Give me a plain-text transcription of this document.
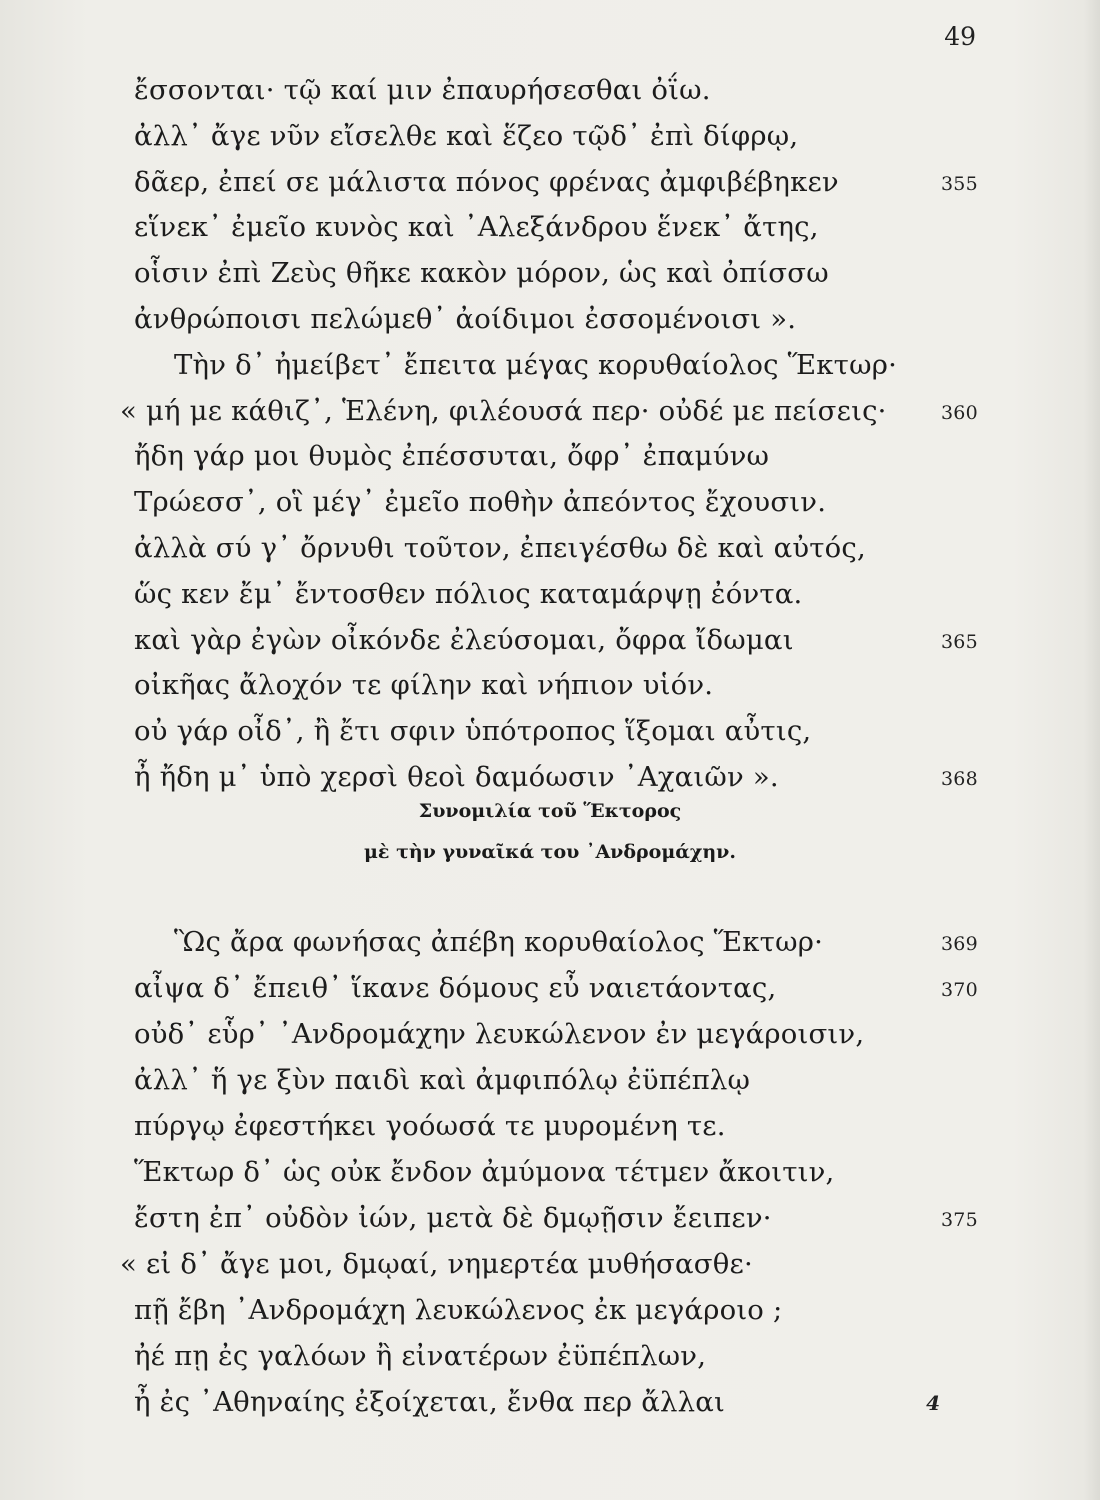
49
ἔσσονται· τῷ καί μιν ἐπαυρήσεσθαι ὀΐω.
ἀλλ᾽ ἄγε νῦν εἴσελθε καὶ ἕζεο τῷδ᾽ ἐπὶ δίφρῳ,
δᾶερ, ἐπεί σε μάλιστα πόνος φρένας ἀμφιβέβηκεν	355
εἵνεκ᾽ ἐμεῖο κυνὸς καὶ ᾿Αλεξάνδρου ἕνεκ᾽ ἄτης,
οἷσιν ἐπὶ Ζεὺς θῆκε κακὸν μόρον, ὡς καὶ ὀπίσσω
ἀνθρώποισι πελώμεθ᾽ ἀοίδιμοι ἐσσομένοισι ».
Τὴν δ᾽ ἠμείβετ᾽ ἔπειτα μέγας κορυθαίολος Ἕκτωρ·
« μή με κάθιζ᾽, Ἑλένη, φιλέουσά περ· οὐδέ με πείσεις·	360
ἤδη γάρ μοι θυμὸς ἐπέσσυται, ὄφρ᾽ ἐπαμύνω
Τρώεσσ᾽, οἳ μέγ᾽ ἐμεῖο ποθὴν ἀπεόντος ἔχουσιν.
ἀλλὰ σύ γ᾽ ὄρνυθι τοῦτον, ἐπειγέσθω δὲ καὶ αὐτός,
ὥς κεν ἔμ᾽ ἔντοσθεν πόλιος καταμάρψῃ ἐόντα.
καὶ γὰρ ἐγὼν οἶκόνδε ἐλεύσομαι, ὄφρα ἴδωμαι	365
οἰκῆας ἄλοχόν τε φίλην καὶ νήπιον υἱόν.
οὐ γάρ οἶδ᾽, ἢ ἔτι σφιν ὑπότροπος ἵξομαι αὖτις,
ἦ ἤδη μ᾽ ὑπὸ χερσὶ θεοὶ δαμόωσιν ᾿Αχαιῶν ».	368
Συνομιλία τοῦ Ἕκτορος
μὲ τὴν γυναῖκά του ᾿Ανδρομάχην.
Ὣς ἄρα φωνήσας ἀπέβη κορυθαίολος Ἕκτωρ·	369
αἶψα δ᾽ ἔπειθ᾽ ἵκανε δόμους εὖ ναιετάοντας,	370
οὐδ᾽ εὗρ᾽ ᾿Ανδρομάχην λευκώλενον ἐν μεγάροισιν,
ἀλλ᾽ ἥ γε ξὺν παιδὶ καὶ ἀμφιπόλῳ ἐϋπέπλῳ
πύργῳ ἐφεστήκει γοόωσά τε μυρομένη τε.
Ἕκτωρ δ᾽ ὡς οὐκ ἔνδον ἀμύμονα τέτμεν ἄκοιτιν,
ἔστη ἐπ᾽ οὐδὸν ἰών, μετὰ δὲ δμῳῇσιν ἔειπεν·	375
« εἰ δ᾽ ἄγε μοι, δμῳαί, νημερτέα μυθήσασθε·
πῇ ἔβη ᾿Ανδρομάχη λευκώλενος ἐκ μεγάροιο ;
ἠέ πῃ ἐς γαλόων ἢ εἰνατέρων ἐϋπέπλων,
ἦ ἐς ᾿Αθηναίης ἐξοίχεται, ἔνθα περ ἄλλαι	4
